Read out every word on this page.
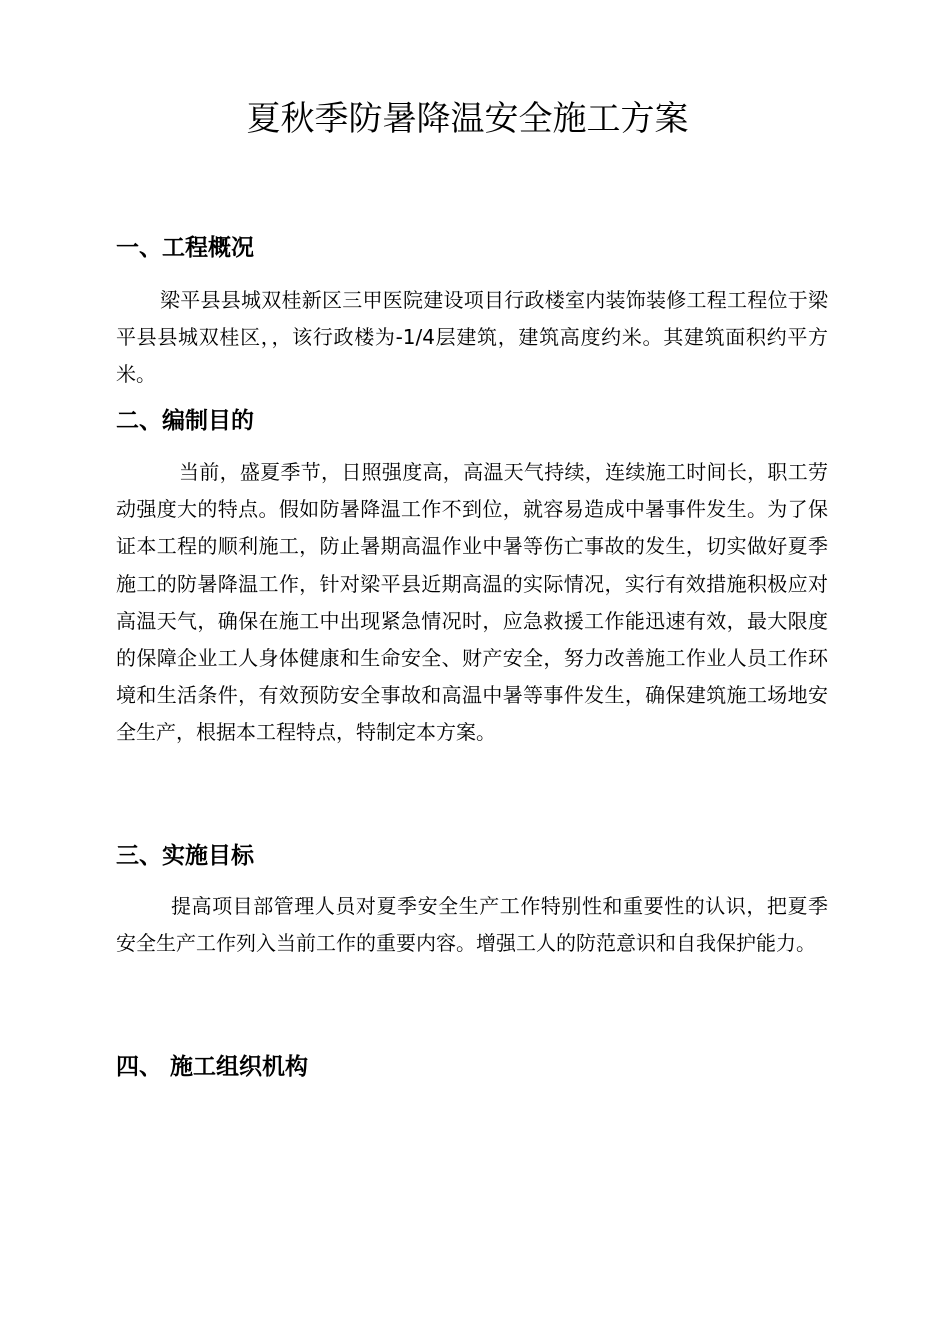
夏秋季防暑降温安全施工方案
一、工程概况

梁平县县城双桂新区三甲医院建设项目行政楼室内装饰装修工程工程位于梁平县县城双桂区，，该行政楼为-1/4层建筑，建筑高度约米。其建筑面积约平方米。

二、编制目的

当前，盛夏季节，日照强度高，高温天气持续，连续施工时间长，职工劳动强度大的特点。假如防暑降温工作不到位，就容易造成中暑事件发生。为了保证本工程的顺利施工，防止暑期高温作业中暑等伤亡事故的发生，切实做好夏季施工的防暑降温工作，针对梁平县近期高温的实际情况，实行有效措施积极应对高温天气，确保在施工中出现紧急情况时，应急救援工作能迅速有效，最大限度的保障企业工人身体健康和生命安全、财产安全，努力改善施工作业人员工作环境和生活条件，有效预防安全事故和高温中暑等事件发生，确保建筑施工场地安全生产，根据本工程特点，特制定本方案。

三、实施目标

提高项目部管理人员对夏季安全生产工作特别性和重要性的认识，把夏季安全生产工作列入当前工作的重要内容。增强工人的防范意识和自我保护能力。

四、 施工组织机构
